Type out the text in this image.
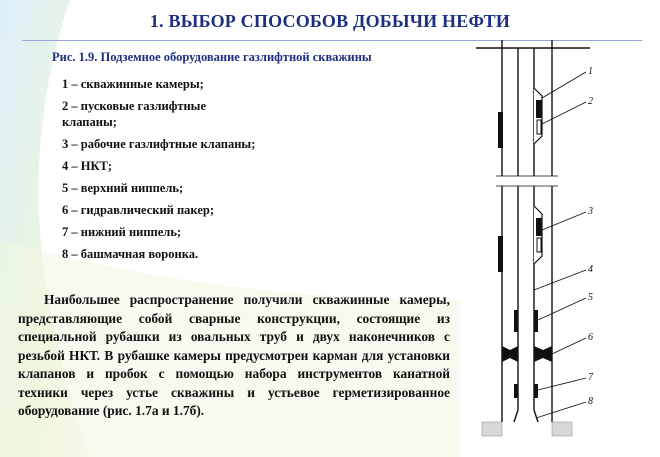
1. ВЫБОР СПОСОБОВ ДОБЫЧИ НЕФТИ
Рис. 1.9. Подземное оборудование газлифтной скважины
1 – скважинные камеры;
2 – пусковые газлифтные клапаны;
3 – рабочие газлифтные клапаны;
4 – НКТ;
5 – верхний ниппель;
6 – гидравлический пакер;
7 – нижний ниппель;
8 – башмачная воронка.
Наибольшее распространение получили скважинные камеры, представляющие собой сварные конструкции, состоящие из специальной рубашки из овальных труб и двух наконечников с резьбой НКТ. В рубашке камеры предусмотрен карман для установки клапанов и пробок с помощью набора инструментов канатной техники через устье скважины и устьевое герметизированное оборудование (рис. 1.7а и 1.7б).
1
2
3
4
5
6
7
8
